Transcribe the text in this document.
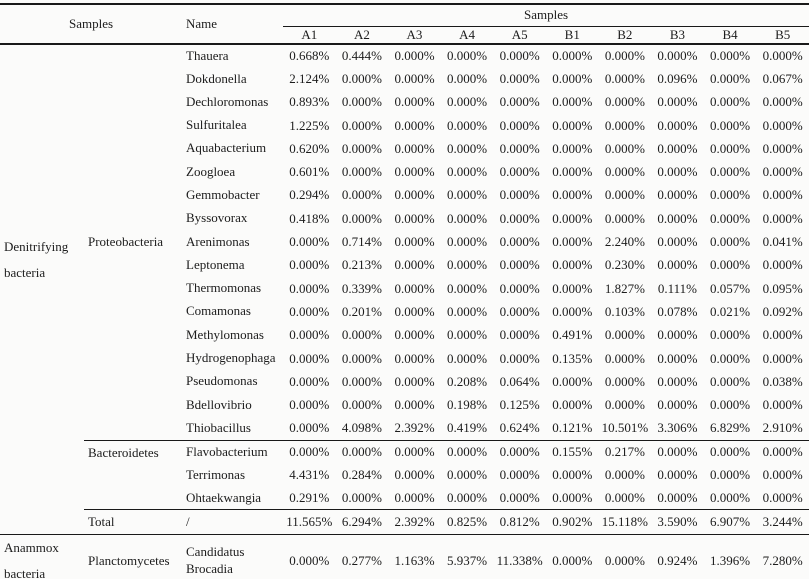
Samples		Name	Samples									
			A1	A2	A3	A4	A5	B1	B2	B3	B4	B5
Denitrifying bacteria	Proteobacteria	Thauera	0.668%	0.444%	0.000%	0.000%	0.000%	0.000%	0.000%	0.000%	0.000%	0.000%
		Dokdonella	2.124%	0.000%	0.000%	0.000%	0.000%	0.000%	0.000%	0.096%	0.000%	0.067%
		Dechloromonas	0.893%	0.000%	0.000%	0.000%	0.000%	0.000%	0.000%	0.000%	0.000%	0.000%
		Sulfuritalea	1.225%	0.000%	0.000%	0.000%	0.000%	0.000%	0.000%	0.000%	0.000%	0.000%
		Aquabacterium	0.620%	0.000%	0.000%	0.000%	0.000%	0.000%	0.000%	0.000%	0.000%	0.000%
		Zoogloea	0.601%	0.000%	0.000%	0.000%	0.000%	0.000%	0.000%	0.000%	0.000%	0.000%
		Gemmobacter	0.294%	0.000%	0.000%	0.000%	0.000%	0.000%	0.000%	0.000%	0.000%	0.000%
		Byssovorax	0.418%	0.000%	0.000%	0.000%	0.000%	0.000%	0.000%	0.000%	0.000%	0.000%
		Arenimonas	0.000%	0.714%	0.000%	0.000%	0.000%	0.000%	2.240%	0.000%	0.000%	0.041%
		Leptonema	0.000%	0.213%	0.000%	0.000%	0.000%	0.000%	0.230%	0.000%	0.000%	0.000%
		Thermomonas	0.000%	0.339%	0.000%	0.000%	0.000%	0.000%	1.827%	0.111%	0.057%	0.095%
		Comamonas	0.000%	0.201%	0.000%	0.000%	0.000%	0.000%	0.103%	0.078%	0.021%	0.092%
		Methylomonas	0.000%	0.000%	0.000%	0.000%	0.000%	0.491%	0.000%	0.000%	0.000%	0.000%
		Hydrogenophaga	0.000%	0.000%	0.000%	0.000%	0.000%	0.135%	0.000%	0.000%	0.000%	0.000%
		Pseudomonas	0.000%	0.000%	0.000%	0.208%	0.064%	0.000%	0.000%	0.000%	0.000%	0.038%
		Bdellovibrio	0.000%	0.000%	0.000%	0.198%	0.125%	0.000%	0.000%	0.000%	0.000%	0.000%
		Thiobacillus	0.000%	4.098%	2.392%	0.419%	0.624%	0.121%	10.501%	3.306%	6.829%	2.910%
	Bacteroidetes	Flavobacterium	0.000%	0.000%	0.000%	0.000%	0.000%	0.155%	0.217%	0.000%	0.000%	0.000%
		Terrimonas	4.431%	0.284%	0.000%	0.000%	0.000%	0.000%	0.000%	0.000%	0.000%	0.000%
		Ohtaekwangia	0.291%	0.000%	0.000%	0.000%	0.000%	0.000%	0.000%	0.000%	0.000%	0.000%
	Total	/	11.565%	6.294%	2.392%	0.825%	0.812%	0.902%	15.118%	3.590%	6.907%	3.244%
Anammox bacteria	Planctomycetes	Candidatus Brocadia	0.000%	0.277%	1.163%	5.937%	11.338%	0.000%	0.000%	0.924%	1.396%	7.280%
